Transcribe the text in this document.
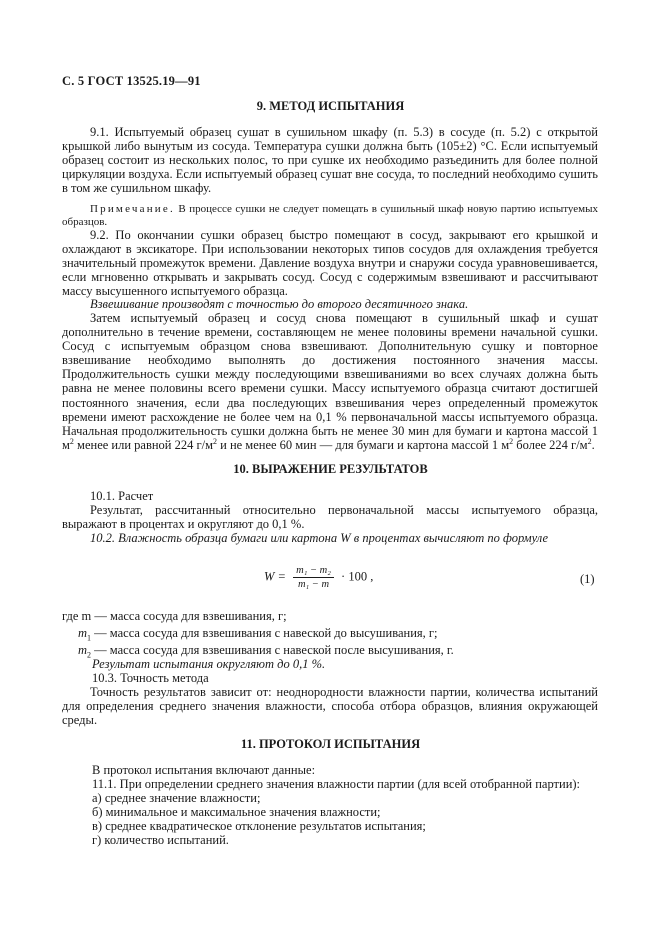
С. 5 ГОСТ 13525.19—91
9. МЕТОД ИСПЫТАНИЯ

9.1. Испытуемый образец сушат в сушильном шкафу (п. 5.3) в сосуде (п. 5.2) с открытой крышкой либо вынутым из сосуда. Температура сушки должна быть (105±2) °С. Если испытуемый образец состоит из нескольких полос, то при сушке их необходимо разъединить для более полной циркуляции воздуха. Если испытуемый образец сушат вне сосуда, то последний необходимо сушить в том же сушильном шкафу.

Примечание. В процессе сушки не следует помещать в сушильный шкаф новую партию испытуемых образцов.

9.2. По окончании сушки образец быстро помещают в сосуд, закрывают его крышкой и охлаждают в эксикаторе. При использовании некоторых типов сосудов для охлаждения требуется значительный промежуток времени. Давление воздуха внутри и снаружи сосуда уравновешивается, если мгновенно открывать и закрывать сосуд. Сосуд с содержимым взвешивают и рассчитывают массу высушенного испытуемого образца.

Взвешивание производят с точностью до второго десятичного знака.

Затем испытуемый образец и сосуд снова помещают в сушильный шкаф и сушат дополнительно в течение времени, составляющем не менее половины времени начальной сушки. Сосуд с испытуемым образцом снова взвешивают. Дополнительную сушку и повторное взвешивание необходимо выполнять до достижения постоянного значения массы. Продолжительность сушки между последующими взвешиваниями во всех случаях должна быть равна не менее половины всего времени сушки. Массу испытуемого образца считают достигшей постоянного значения, если два последующих взвешивания через определенный промежуток времени имеют расхождение не более чем на 0,1 % первоначальной массы испытуемого образца. Начальная продолжительность сушки должна быть не менее 30 мин для бумаги и картона массой 1 $м^2$ менее или равной 224 $г/м^2$ и не менее 60 мин — для бумаги и картона массой 1 $м^2$ более 224 $г/м^2$.

10. ВЫРАЖЕНИЕ РЕЗУЛЬТАТОВ

10.1. Расчет

Результат, рассчитанный относительно первоначальной массы испытуемого образца, выражают в процентах и округляют до 0,1 %.

10.2. Влажность образца бумаги или картона W в процентах вычисляют по формуле

$W = \frac{\text{m₁ − m₂}}{\text{m₁ − m}} \cdot 100$ ,	(1)
где m — масса сосуда для взвешивания, г;
$m_1$ — масса сосуда для взвешивания с навеской до высушивания, г;
$m_2$ — масса сосуда для взвешивания с навеской после высушивания, г.
Результат испытания округляют до 0,1 %.
10.3. Точность метода

Точность результатов зависит от: неоднородности влажности партии, количества испытаний для определения среднего значения влажности, способа отбора образцов, влияния окружающей среды.

11. ПРОТОКОЛ ИСПЫТАНИЯ
В протокол испытания включают данные:
11.1. При определении среднего значения влажности партии (для всей отобранной партии):
а) среднее значение влажности;
б) минимальное и максимальное значения влажности;
в) среднее квадратическое отклонение результатов испытания;
г) количество испытаний.
